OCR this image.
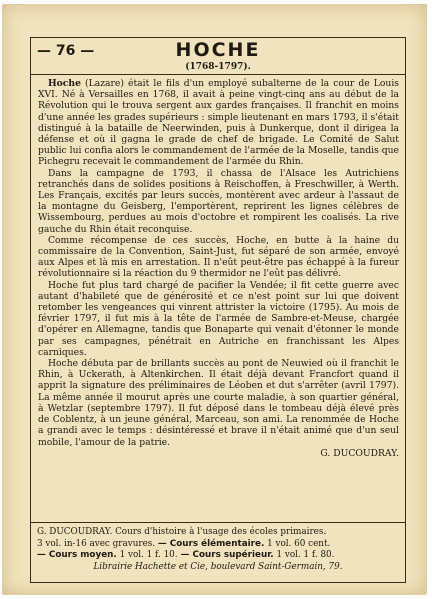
— 76 —	HOCHE
(1768-1797).

Hoche (Lazare) était le fils d'un employé subalterne de la cour de Louis XVI. Né à Versailles en 1768, il avait à peine vingt-cinq ans au début de la Révolution qui le trouva sergent aux gardes françaises. Il franchit en moins d'une année les grades supérieurs : simple lieutenant en mars 1793, il s'était distingué à la bataille de Neerwinden, puis à Dunkerque, dont il dirigea la défense et où il gagna le grade de chef de brigade. Le Comité de Salut public lui confia alors le commandement de l'armée de la Moselle, tandis que Pichegru recevait le commandement de l'armée du Rhin.

Dans la campagne de 1793, il chassa de l'Alsace les Autrichiens retranchés dans de solides positions à Reischoffen, à Freschwiller, à Werth. Les Français, excités par leurs succès, montèrent avec ardeur à l'assaut de la montagne du Geisberg, l'emportèrent, reprirent les lignes célèbres de Wissembourg, perdues au mois d'octobre et rompirent les coalisés. La rive gauche du Rhin était reconquise.

Comme récompense de ces succès, Hoche, en butte à la haine du commissaire de la Convention, Saint-Just, fut séparé de son armée, envoyé aux Alpes et là mis en arrestation. Il n'eût peut-être pas échappé à la fureur révolutionnaire si la réaction du 9 thermidor ne l'eût pas délivré.

Hoche fut plus tard chargé de pacifier la Vendée; il fit cette guerre avec autant d'habileté que de générosité et ce n'est point sur lui que doivent retomber les vengeances qui vinrent attrister la victoire (1795). Au mois de février 1797, il fut mis à la tête de l'armée de Sambre-et-Meuse, chargée d'opérer en Allemagne, tandis que Bonaparte qui venait d'étonner le monde par ses campagnes, pénétrait en Autriche en franchissant les Alpes carniques.

Hoche débuta par de brillants succès au pont de Neuwied où il franchit le Rhin, à Uckerath, à Altenkirchen. Il était déjà devant Francfort quand il apprit la signature des préliminaires de Léoben et dut s'arrêter (avril 1797). La même année il mourut après une courte maladie, à son quartier général, à Wetzlar (septembre 1797). Il fut déposé dans le tombeau déjà élevé près de Coblentz, à un jeune général, Marceau, son ami. La renommée de Hoche a grandi avec le temps : désintéressé et brave il n'était animé que d'un seul mobile, l'amour de la patrie.
G. DUCOUDRAY.

G. DUCOUDRAY. Cours d'histoire à l'usage des écoles primaires.
3 vol. in-16 avec gravures. — Cours élémentaire. 1 vol. 60 cent.
— Cours moyen. 1 vol. 1 f. 10. — Cours supérieur. 1 vol. 1 f. 80.
Librairie Hachette et Cie, boulevard Saint-Germain, 79.
